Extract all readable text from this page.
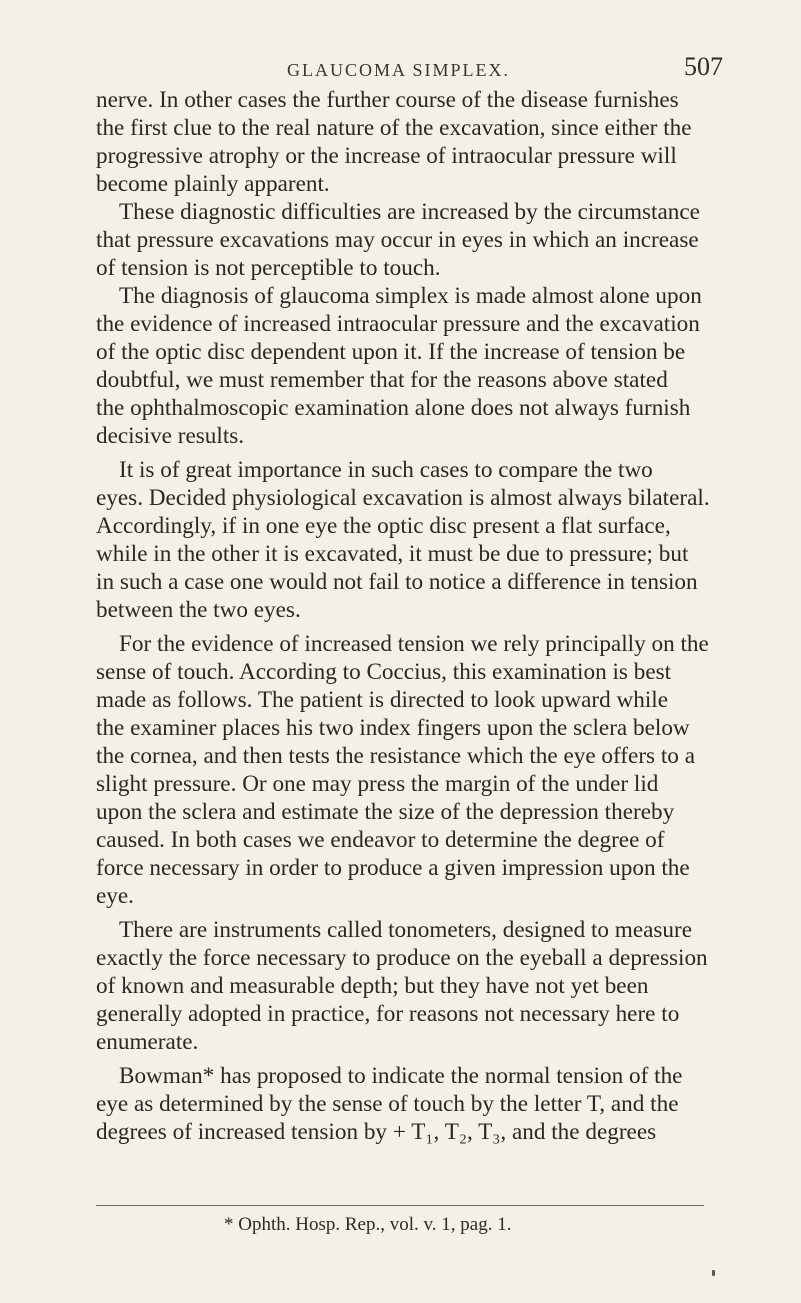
GLAUCOMA SIMPLEX.	507
nerve. In other cases the further course of the disease furnishes
the first clue to the real nature of the excavation, since either the
progressive atrophy or the increase of intraocular pressure will
become plainly apparent.
These diagnostic difficulties are increased by the circumstance
that pressure excavations may occur in eyes in which an increase
of tension is not perceptible to touch.
The diagnosis of glaucoma simplex is made almost alone upon
the evidence of increased intraocular pressure and the excavation
of the optic disc dependent upon it. If the increase of tension be
doubtful, we must remember that for the reasons above stated
the ophthalmoscopic examination alone does not always furnish
decisive results.
It is of great importance in such cases to compare the two
eyes. Decided physiological excavation is almost always bilateral.
Accordingly, if in one eye the optic disc present a flat surface,
while in the other it is excavated, it must be due to pressure; but
in such a case one would not fail to notice a difference in tension
between the two eyes.
For the evidence of increased tension we rely principally on the
sense of touch. According to Coccius, this examination is best
made as follows. The patient is directed to look upward while
the examiner places his two index fingers upon the sclera below
the cornea, and then tests the resistance which the eye offers to a
slight pressure. Or one may press the margin of the under lid
upon the sclera and estimate the size of the depression thereby
caused. In both cases we endeavor to determine the degree of
force necessary in order to produce a given impression upon the
eye.
There are instruments called tonometers, designed to measure
exactly the force necessary to produce on the eyeball a depression
of known and measurable depth; but they have not yet been
generally adopted in practice, for reasons not necessary here to
enumerate.
Bowman* has proposed to indicate the normal tension of the
eye as determined by the sense of touch by the letter T, and the
degrees of increased tension by + T₁, T₂, T₃, and the degrees
* Ophth. Hosp. Rep., vol. v. 1, pag. 1.
